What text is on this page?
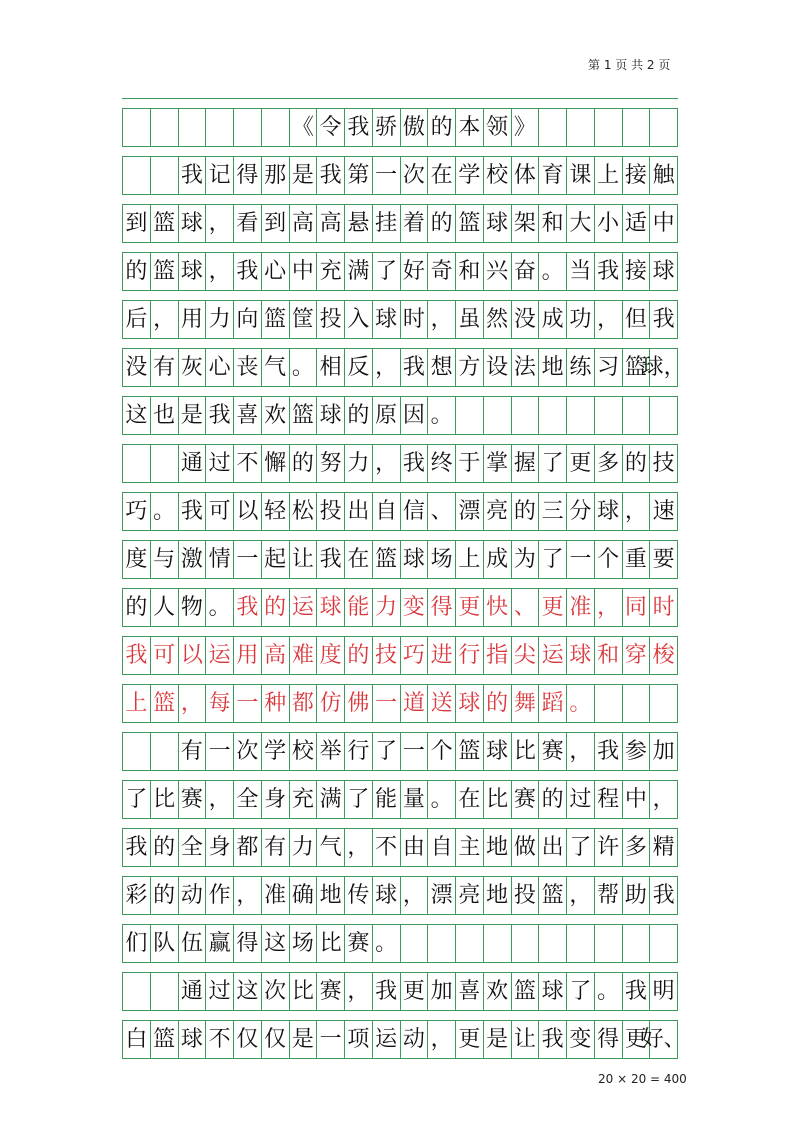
第 1 页 共 2 页
《 令 我 骄 傲 的 本 领 》
我 记 得 那 是 我 第 一 次 在 学 校 体 育 课 上 接 触
到 篮 球 ， 看 到 高 高 悬 挂 着 的 篮 球 架 和 大 小 适 中
的 篮 球 ， 我 心 中 充 满 了 好 奇 和 兴 奋 。 当 我 接 球
后 ， 用 力 向 篮 筐 投 入 球 时 ， 虽 然 没 成 功 ， 但 我
没 有 灰 心 丧 气 。 相 反 ， 我 想 方 设 法 地 练 习 篮
球，
这 也 是 我 喜 欢 篮 球 的 原 因 。
通 过 不 懈 的 努 力 ， 我 终 于 掌 握 了 更 多 的 技
巧 。 我 可 以 轻 松 投 出 自 信 、 漂 亮 的 三 分 球 ， 速
度 与 激 情 一 起 让 我 在 篮 球 场 上 成 为 了 一 个 重 要
的 人 物 。 我 的 运 球 能 力 变 得 更 快 、 更 准 ， 同 时
我 可 以 运 用 高 难 度 的 技 巧 进 行 指 尖 运 球 和 穿 梭
上 篮 ， 每 一 种 都 仿 佛 一 道 送 球 的 舞 蹈 。
有 一 次 学 校 举 行 了 一 个 篮 球 比 赛 ， 我 参 加
了 比 赛 ， 全 身 充 满 了 能 量 。 在 比 赛 的 过 程 中 ，
我 的 全 身 都 有 力 气 ， 不 由 自 主 地 做 出 了 许 多 精
彩 的 动 作 ， 准 确 地 传 球 ， 漂 亮 地 投 篮 ， 帮 助 我
们 队 伍 赢 得 这 场 比 赛 。
通 过 这 次 比 赛 ， 我 更 加 喜 欢 篮 球 了 。 我 明
白 篮 球 不 仅 仅 是 一 项 运 动 ， 更 是 让 我 变 得 更
好、
20 × 20 = 400
